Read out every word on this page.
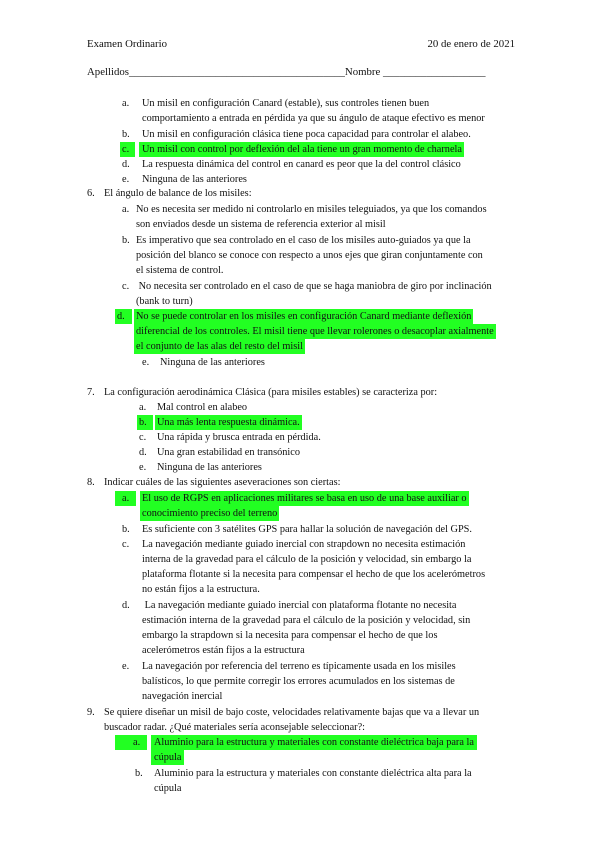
Examen Ordinario	20 de enero de 2021
Apellidos________________________________________Nombre ___________________
a. Un misil en configuración Canard (estable), sus controles tienen buen
comportamiento a entrada en pérdida ya que su ángulo de ataque efectivo es menor
b. Un misil en configuración clásica tiene poca capacidad para controlar el alabeo.
c.	Un misil con control por deflexión del ala tiene un gran momento de charnela
d. La respuesta dinámica del control en canard es peor que la del control clásico
e. Ninguna de las anteriores
6. El ángulo de balance de los misiles:
a. No es necesita ser medido ni controlarlo en misiles teleguiados, ya que los comandos
son enviados desde un sistema de referencia exterior al misil
b. Es imperativo que sea controlado en el caso de los misiles auto-guiados ya que la
posición del blanco se conoce con respecto a unos ejes que giran conjuntamente con
el sistema de control.
c. No necesita ser controlado en el caso de que se haga maniobra de giro por inclinación
(bank to turn)
d.	No se puede controlar en los misiles en configuración Canard mediante deflexión
diferencial de los controles. El misil tiene que llevar rolerones o desacoplar axialmente
el conjunto de las alas del resto del misil
e. Ninguna de las anteriores
7. La configuración aerodinámica Clásica (para misiles estables) se caracteriza por:
a. Mal control en alabeo
b. Una más lenta respuesta dinámica.
c. Una rápida y brusca entrada en pérdida.
d. Una gran estabilidad en transónico
e. Ninguna de las anteriores
8. Indicar cuáles de las siguientes aseveraciones son ciertas:
a.	El uso de RGPS en aplicaciones militares se basa en uso de una base auxiliar o
conocimiento preciso del terreno
b. Es suficiente con 3 satélites GPS para hallar la solución de navegación del GPS.
c. La navegación mediante guiado inercial con strapdown no necesita estimación
interna de la gravedad para el cálculo de la posición y velocidad, sin embargo la
plataforma flotante si la necesita para compensar el hecho de que los acelerómetros
no están fijos a la estructura.
d. La navegación mediante guiado inercial con plataforma flotante no necesita
estimación interna de la gravedad para el cálculo de la posición y velocidad, sin
embargo la strapdown si la necesita para compensar el hecho de que los
acelerómetros están fijos a la estructura
e. La navegación por referencia del terreno es típicamente usada en los misiles
balísticos, lo que permite corregir los errores acumulados en los sistemas de
navegación inercial
9. Se quiere diseñar un misil de bajo coste, velocidades relativamente bajas que va a llevar un
buscador radar. ¿Qué materiales sería aconsejable seleccionar?:
a.	Aluminio para la estructura y materiales con constante dieléctrica baja para la
cúpula
b. Aluminio para la estructura y materiales con constante dieléctrica alta para la
cúpula
